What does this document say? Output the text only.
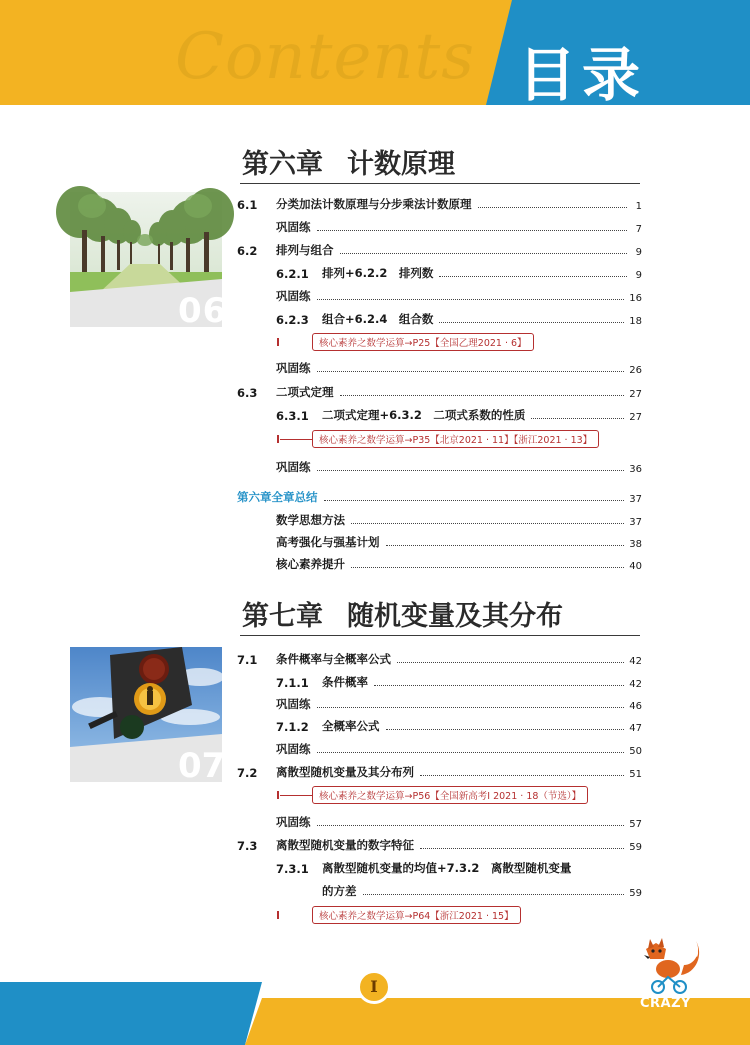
Contents 目录
第六章 计数原理
06
6.1	分类加法计数原理与分步乘法计数原理	1
巩固练	7
6.2	排列与组合	9
6.2.1	排列+6.2.2　排列数	9
巩固练	16
6.2.3	组合+6.2.4　组合数	18
核心素养之数学运算→P25【全国乙理2021 · 6】
巩固练	26
6.3	二项式定理	27
6.3.1	二项式定理+6.3.2　二项式系数的性质	27
核心素养之数学运算→P35【北京2021 · 11】【浙江2021 · 13】
巩固练	36
第六章全章总结	37
数学思想方法	37
高考强化与强基计划	38
核心素养提升	40
第七章 随机变量及其分布
07
7.1	条件概率与全概率公式	42
7.1.1	条件概率	42
巩固练	46
7.1.2	全概率公式	47
巩固练	50
7.2	离散型随机变量及其分布列	51
核心素养之数学运算→P56【全国新高考Ⅰ 2021 · 18（节选）】
巩固练	57
7.3	离散型随机变量的数字特征	59
7.3.1	离散型随机变量的均值+7.3.2　离散型随机变量
的方差	59
核心素养之数学运算→P64【浙江2021 · 15】
I
CRAZY
